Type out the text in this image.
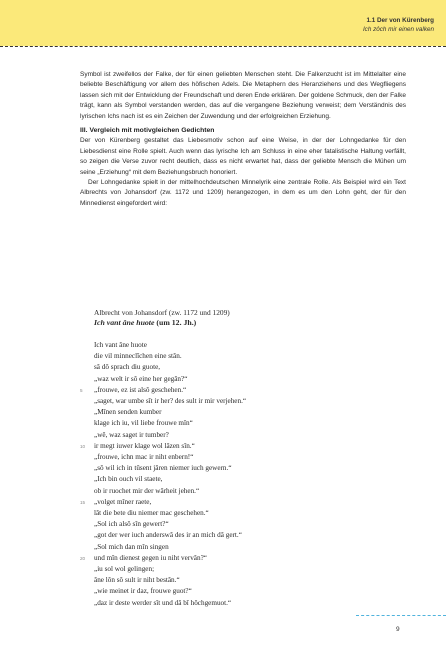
1.1 Der von Kürenberg
Ich zôch mir einen valken

Symbol ist zweifellos der Falke, der für einen geliebten Menschen steht. Die Falkenzucht ist im Mittelalter eine beliebte Beschäftigung vor allem des höfischen Adels. Die Metaphern des Heranziehens und des Wegfliegens lassen sich mit der Entwicklung der Freundschaft und deren Ende erklären. Der goldene Schmuck, den der Falke trägt, kann als Symbol verstanden werden, das auf die vergangene Beziehung verweist; dem Verständnis des lyrischen Ichs nach ist es ein Zeichen der Zuwendung und der erfolgreichen Erziehung.

III. Vergleich mit motivgleichen Gedichten

Der von Kürenberg gestaltet das Liebesmotiv schon auf eine Weise, in der der Lohngedanke für den Liebesdienst eine Rolle spielt. Auch wenn das lyrische Ich am Schluss in eine eher fatalistische Haltung verfällt, so zeigen die Verse zuvor recht deutlich, dass es nicht erwartet hat, dass der geliebte Mensch die Mühen um seine „Erziehung“ mit dem Beziehungsbruch honoriert.

Der Lohngedanke spielt in der mittelhochdeutschen Minnelyrik eine zentrale Rolle. Als Beispiel wird ein Text Albrechts von Johansdorf (zw. 1172 und 1209) herangezogen, in dem es um den Lohn geht, der für den Minnedienst eingefordert wird:

Albrecht von Johansdorf (zw. 1172 und 1209)
Ich vant âne huote (um 12. Jh.)
Ich vant âne huote
die vil minneclîchen eine stân.
sâ dô sprach diu guote,
„waz welt ir sô eine her gegân?“
5 „frouwe, ez ist alsô geschehen.“
„saget, war umbe sît ir her? des sult ir mir verjehen.“
„Mînen senden kumber
klage ich iu, vil liebe frouwe mîn“
„wê, waz saget ir tumber?
10 ir megt iuwer klage wol lâzen sîn.“
„frouwe, ichn mac ir niht enbern!“
„sô wil ich in tûsent jâren niemer iuch gewern.“
„Ich bin ouch vil staete,
ob ir ruochet mir der wârheit jehen.“
15 „volget mîner raete,
lât die bete diu niemer mac geschehen.“
„Sol ich alsô sîn gewert?“
„got der wer iuch anderswâ des ir an mich dâ gert.“
„Sol mich dan mîn singen
20 und mîn dienest gegen iu niht vervân?“
„iu sol wol gelingen;
âne lôn sô sult ir niht bestân.“
„wie meinet ir daz, frouwe guot?“
„daz ir deste werder sît und dâ bî hôchgemuot.“
9
